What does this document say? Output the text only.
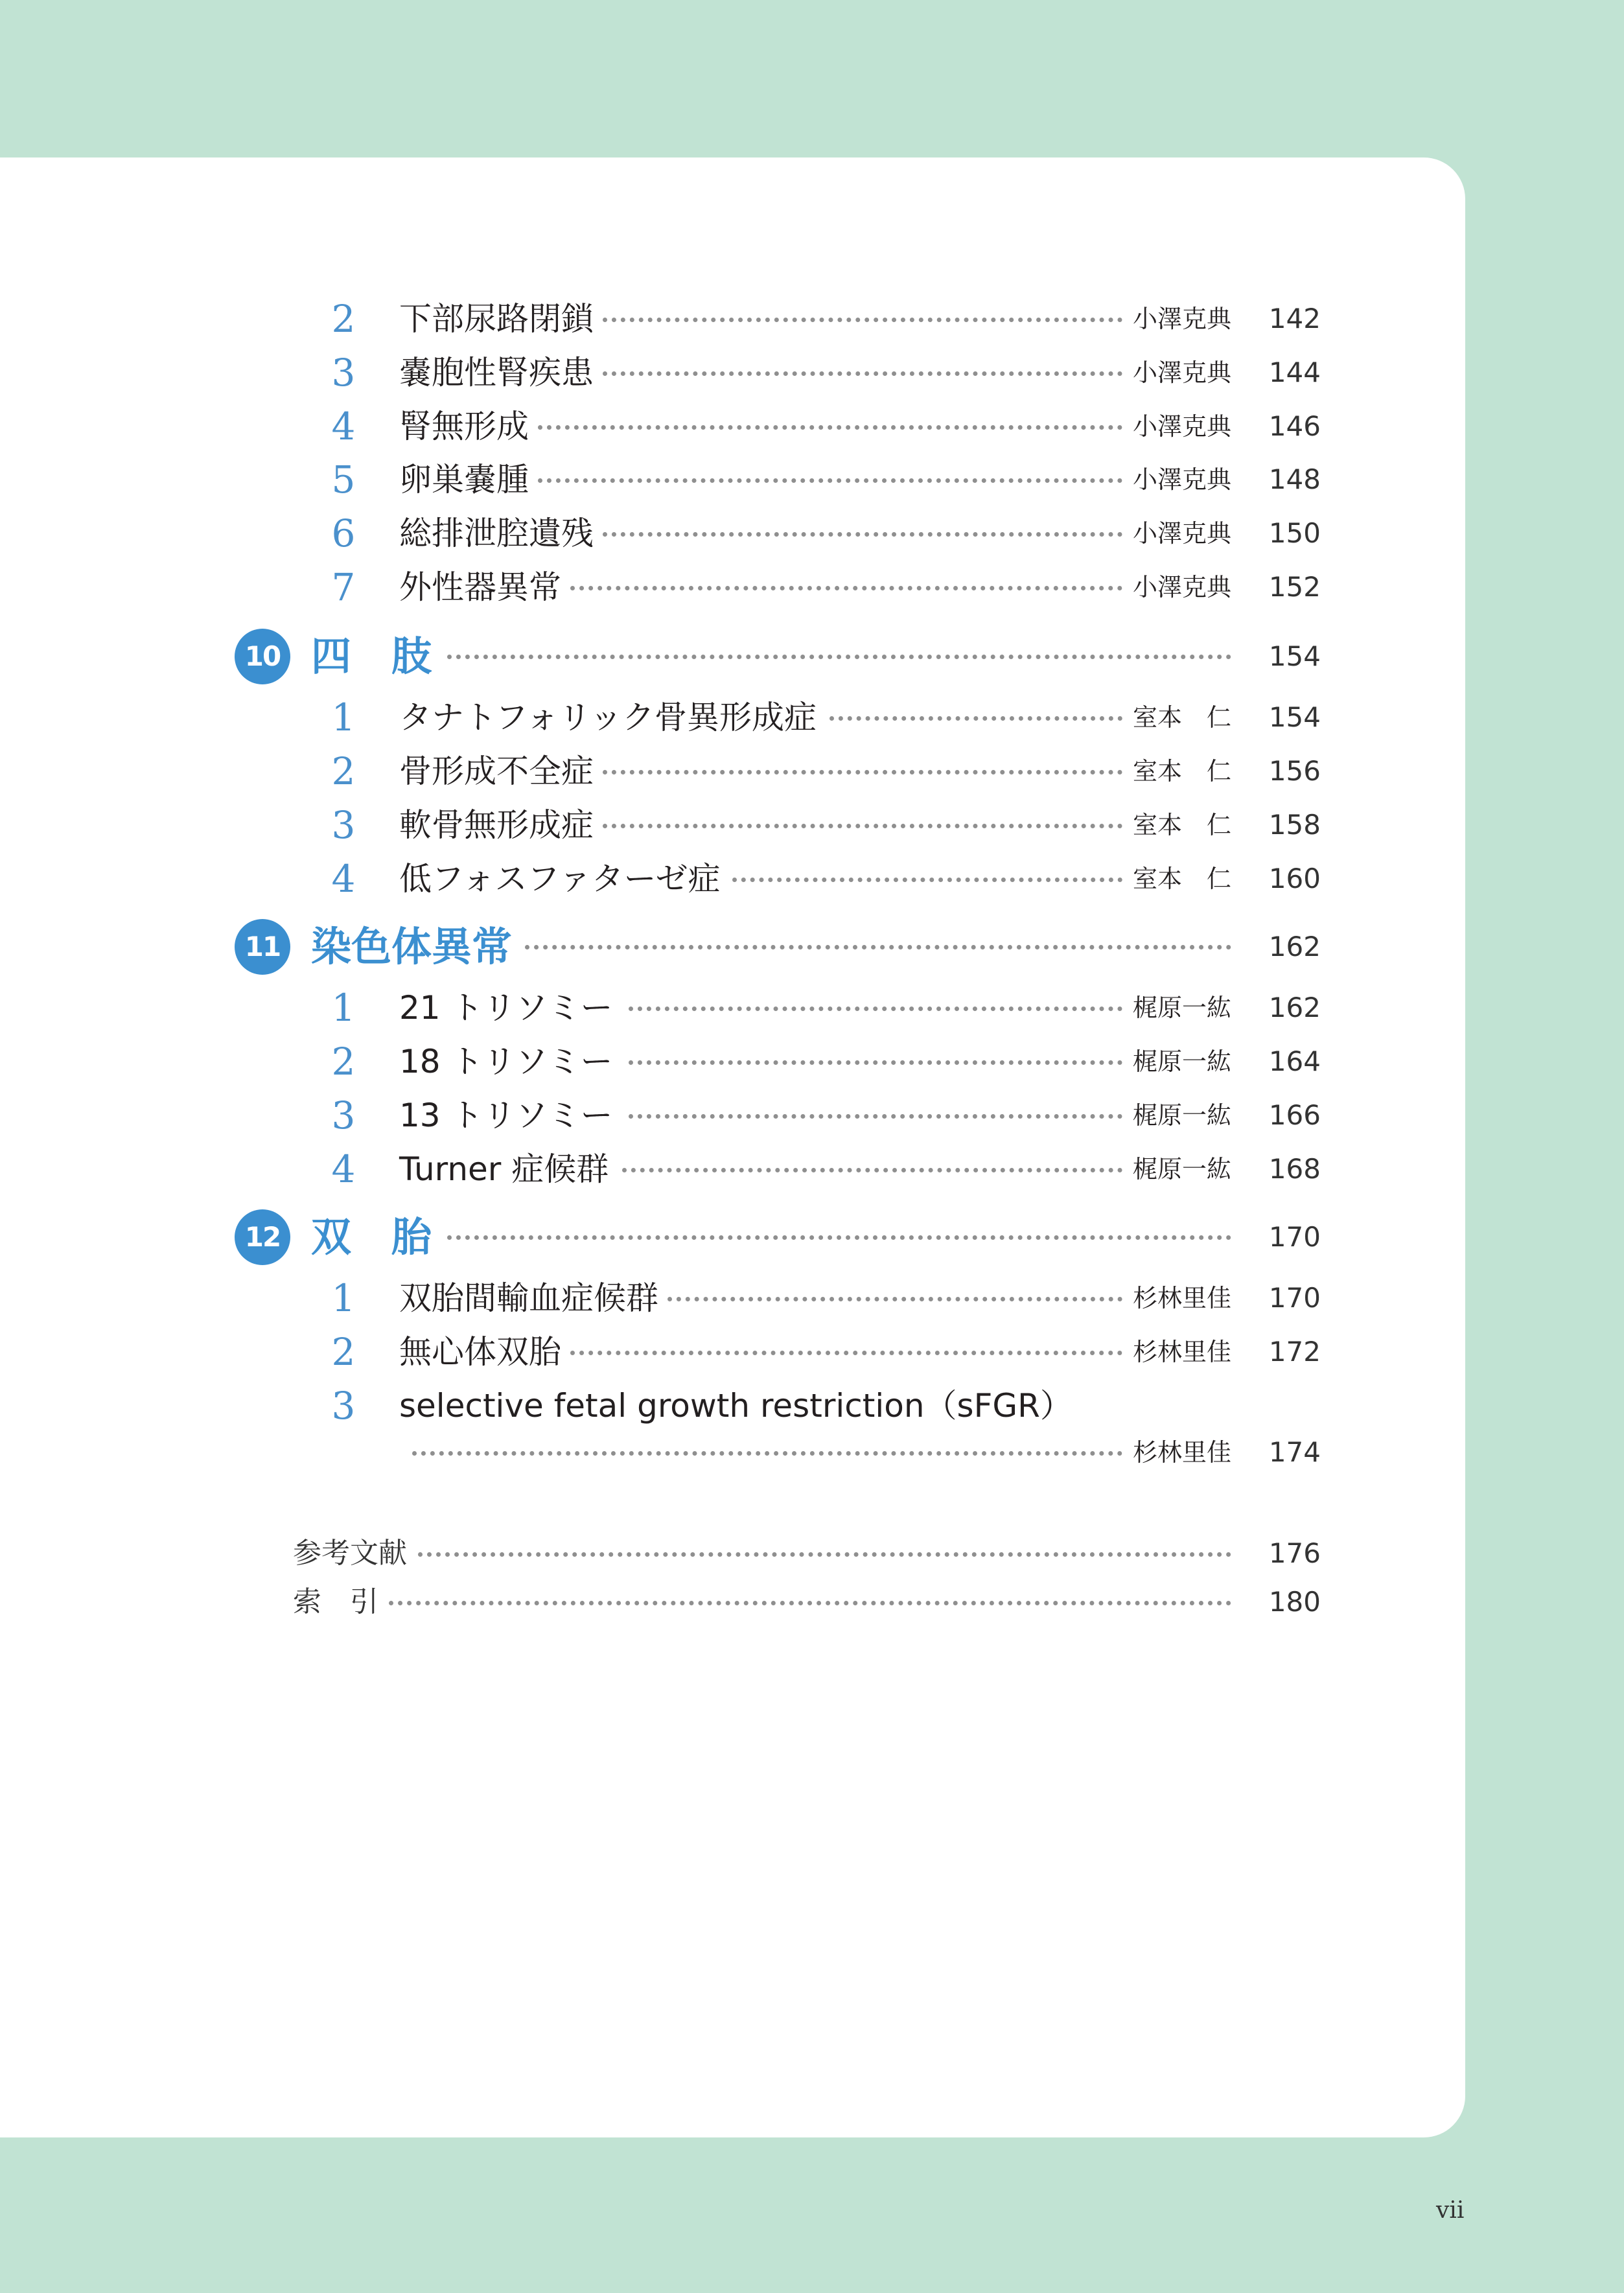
2	下部尿路閉鎖	小澤克典 142
3	嚢胞性腎疾患	小澤克典 144
4	腎無形成	小澤克典 146
5	卵巣嚢腫	小澤克典 148
6	総排泄腔遺残	小澤克典 150
7	外性器異常	小澤克典 152
10 四　肢	154
1	タナトフォリック骨異形成症	室本　仁 154
2	骨形成不全症	室本　仁 156
3	軟骨無形成症	室本　仁 158
4	低フォスファターゼ症	室本　仁 160
11 染色体異常	162
1	21 トリソミー	梶原一紘 162
2	18 トリソミー	梶原一紘 164
3	13 トリソミー	梶原一紘 166
4	Turner 症候群	梶原一紘 168
12 双　胎	170
1	双胎間輸血症候群	杉林里佳 170
2	無心体双胎	杉林里佳 172
3	selective fetal growth restriction（sFGR）
杉林里佳 174
参考文献	176
索　引	180
vii
